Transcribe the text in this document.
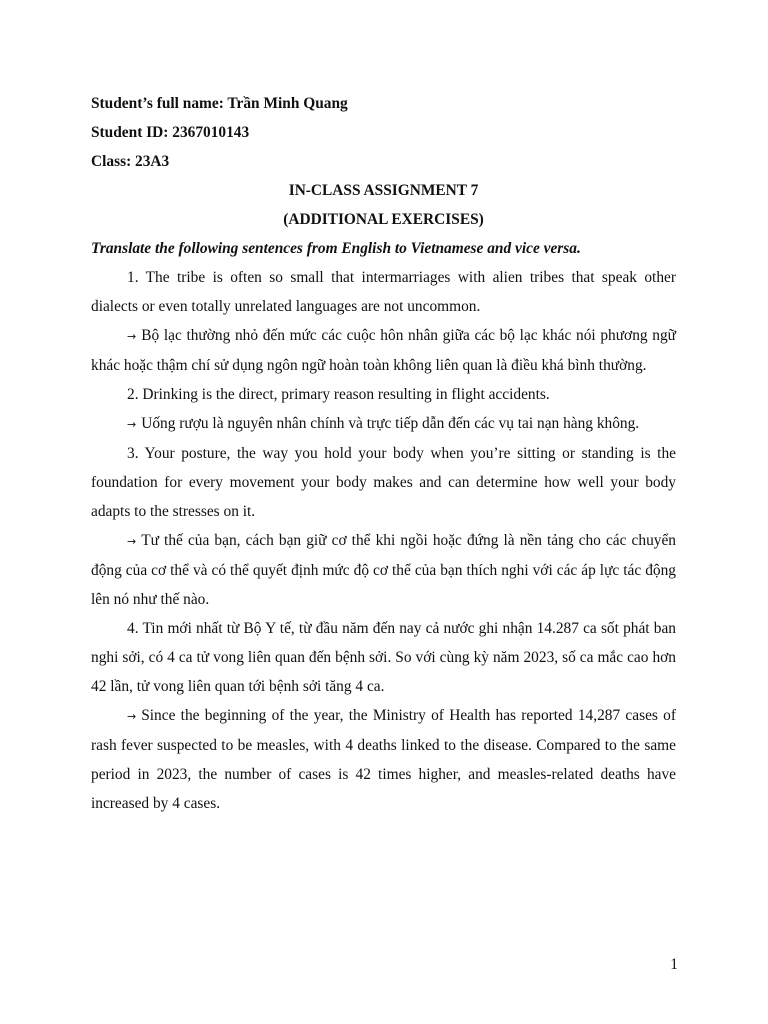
Student’s full name: Trần Minh Quang

Student ID: 2367010143

Class: 23A3

IN-CLASS ASSIGNMENT 7

(ADDITIONAL EXERCISES)

Translate the following sentences from English to Vietnamese and vice versa.

1. The tribe is often so small that intermarriages with alien tribes that speak other dialects or even totally unrelated languages are not uncommon.

→ Bộ lạc thường nhỏ đến mức các cuộc hôn nhân giữa các bộ lạc khác nói phương ngữ khác hoặc thậm chí sử dụng ngôn ngữ hoàn toàn không liên quan là điều khá bình thường.

2. Drinking is the direct, primary reason resulting in flight accidents.

→ Uống rượu là nguyên nhân chính và trực tiếp dẫn đến các vụ tai nạn hàng không.

3. Your posture, the way you hold your body when you’re sitting or standing is the foundation for every movement your body makes and can determine how well your body adapts to the stresses on it.

→ Tư thế của bạn, cách bạn giữ cơ thể khi ngồi hoặc đứng là nền tảng cho các chuyển động của cơ thể và có thể quyết định mức độ cơ thể của bạn thích nghi với các áp lực tác động lên nó như thế nào.

4. Tin mới nhất từ Bộ Y tế, từ đầu năm đến nay cả nước ghi nhận 14.287 ca sốt phát ban nghi sởi, có 4 ca tử vong liên quan đến bệnh sởi. So với cùng kỳ năm 2023, số ca mắc cao hơn 42 lần, tử vong liên quan tới bệnh sởi tăng 4 ca.

→ Since the beginning of the year, the Ministry of Health has reported 14,287 cases of rash fever suspected to be measles, with 4 deaths linked to the disease. Compared to the same period in 2023, the number of cases is 42 times higher, and measles-related deaths have increased by 4 cases.

1
